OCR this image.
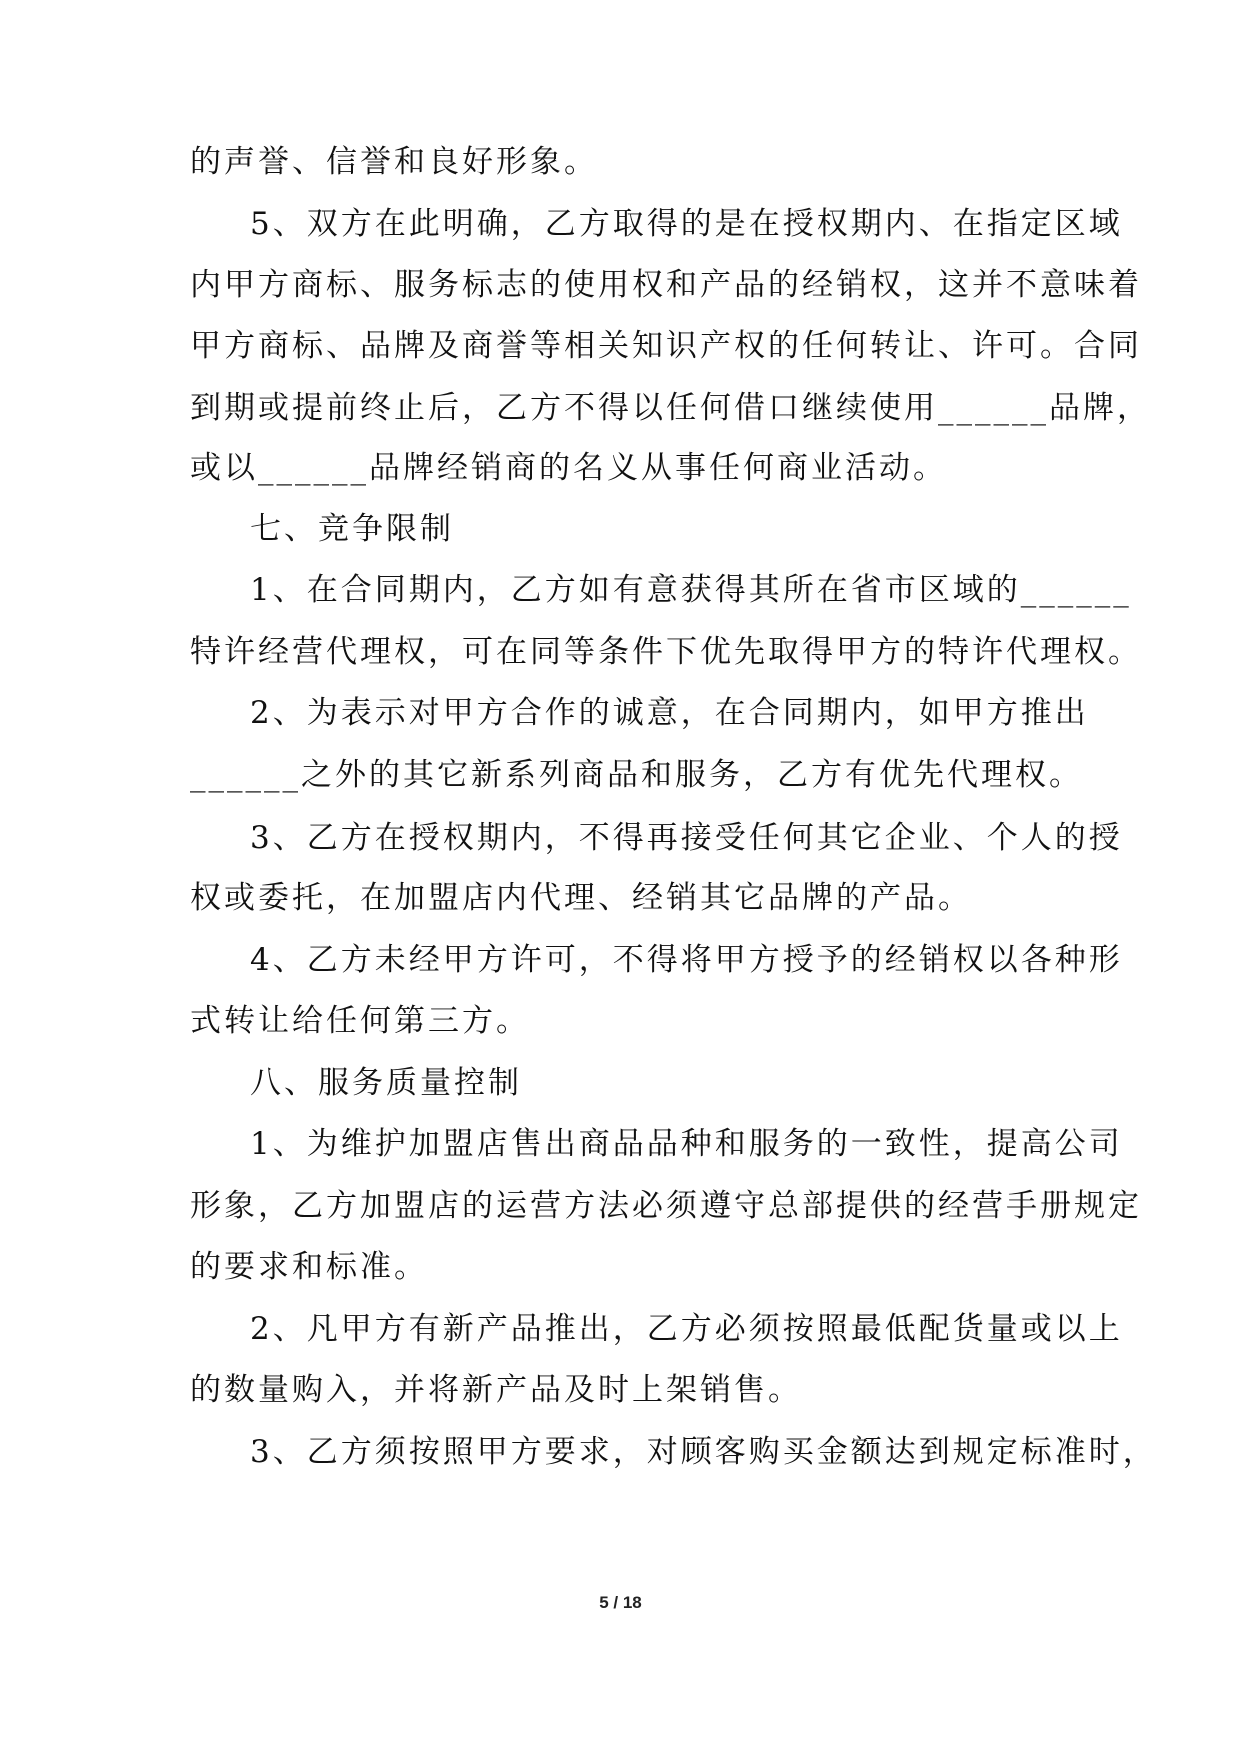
的声誉、信誉和良好形象。
5、双方在此明确，乙方取得的是在授权期内、在指定区域
内甲方商标、服务标志的使用权和产品的经销权，这并不意味着
甲方商标、品牌及商誉等相关知识产权的任何转让、许可。合同
到期或提前终止后，乙方不得以任何借口继续使用______品牌，
或以______品牌经销商的名义从事任何商业活动。
七、竞争限制
1、在合同期内，乙方如有意获得其所在省市区域的______
特许经营代理权，可在同等条件下优先取得甲方的特许代理权。
2、为表示对甲方合作的诚意，在合同期内，如甲方推出
______之外的其它新系列商品和服务，乙方有优先代理权。
3、乙方在授权期内，不得再接受任何其它企业、个人的授
权或委托，在加盟店内代理、经销其它品牌的产品。
4、乙方未经甲方许可，不得将甲方授予的经销权以各种形
式转让给任何第三方。
八、服务质量控制
1、为维护加盟店售出商品品种和服务的一致性，提高公司
形象，乙方加盟店的运营方法必须遵守总部提供的经营手册规定
的要求和标准。
2、凡甲方有新产品推出，乙方必须按照最低配货量或以上
的数量购入，并将新产品及时上架销售。
3、乙方须按照甲方要求，对顾客购买金额达到规定标准时，
5 / 18
